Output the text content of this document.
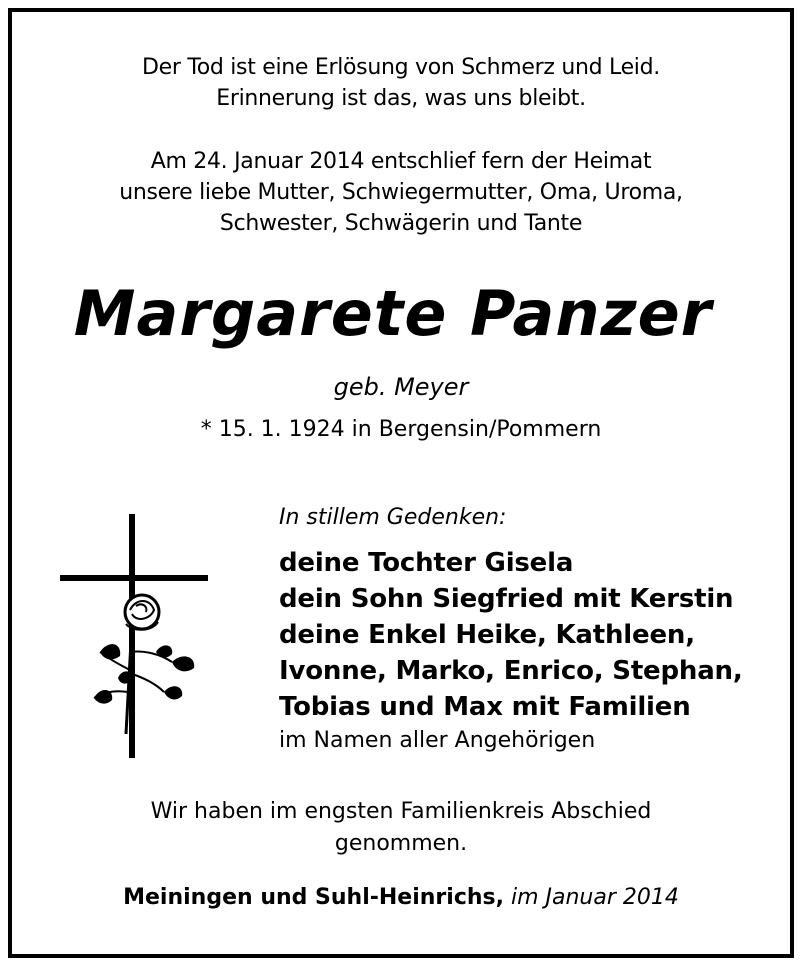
Der Tod ist eine Erlösung von Schmerz und Leid.
Erinnerung ist das, was uns bleibt.
Am 24. Januar 2014 entschlief fern der Heimat
unsere liebe Mutter, Schwiegermutter, Oma, Uroma,
Schwester, Schwägerin und Tante
Margarete Panzer
geb. Meyer
* 15. 1. 1924 in Bergensin/Pommern
In stillem Gedenken:
deine Tochter Gisela
dein Sohn Siegfried mit Kerstin
deine Enkel Heike, Kathleen,
Ivonne, Marko, Enrico, Stephan,
Tobias und Max mit Familien
im Namen aller Angehörigen
Wir haben im engsten Familienkreis Abschied
genommen.
Meiningen und Suhl-Heinrichs, im Januar 2014
